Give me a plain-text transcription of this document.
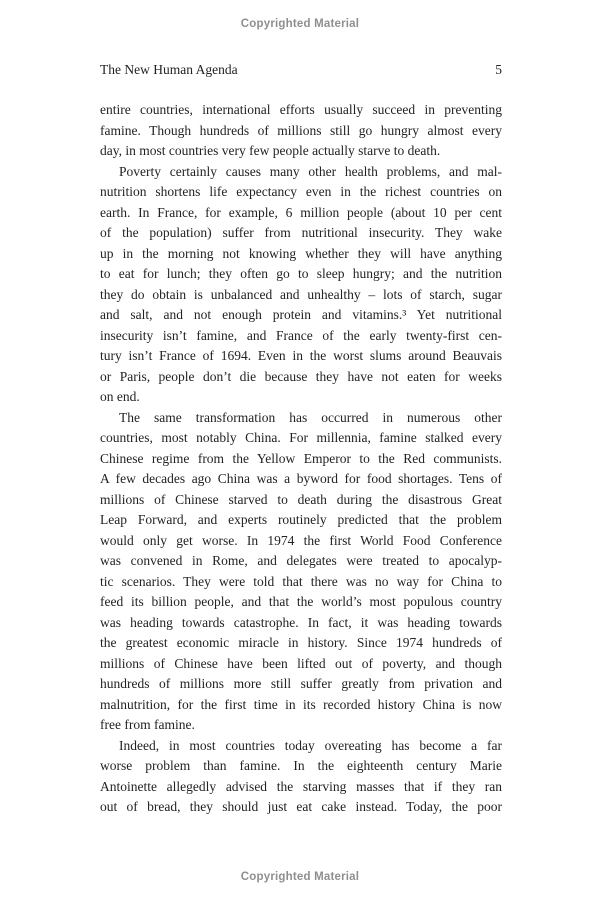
Copyrighted Material
The New Human Agenda	5
entire countries, international efforts usually succeed in preventing
famine. Though hundreds of millions still go hungry almost every
day, in most countries very few people actually starve to death.
Poverty certainly causes many other health problems, and mal-
nutrition shortens life expectancy even in the richest countries on
earth. In France, for example, 6 million people (about 10 per cent
of the population) suffer from nutritional insecurity. They wake
up in the morning not knowing whether they will have anything
to eat for lunch; they often go to sleep hungry; and the nutrition
they do obtain is unbalanced and unhealthy – lots of starch, sugar
and salt, and not enough protein and vitamins.³ Yet nutritional
insecurity isn’t famine, and France of the early twenty-first cen-
tury isn’t France of 1694. Even in the worst slums around Beauvais
or Paris, people don’t die because they have not eaten for weeks
on end.
The same transformation has occurred in numerous other
countries, most notably China. For millennia, famine stalked every
Chinese regime from the Yellow Emperor to the Red communists.
A few decades ago China was a byword for food shortages. Tens of
millions of Chinese starved to death during the disastrous Great
Leap Forward, and experts routinely predicted that the problem
would only get worse. In 1974 the first World Food Conference
was convened in Rome, and delegates were treated to apocalyp-
tic scenarios. They were told that there was no way for China to
feed its billion people, and that the world’s most populous country
was heading towards catastrophe. In fact, it was heading towards
the greatest economic miracle in history. Since 1974 hundreds of
millions of Chinese have been lifted out of poverty, and though
hundreds of millions more still suffer greatly from privation and
malnutrition, for the first time in its recorded history China is now
free from famine.
Indeed, in most countries today overeating has become a far
worse problem than famine. In the eighteenth century Marie
Antoinette allegedly advised the starving masses that if they ran
out of bread, they should just eat cake instead. Today, the poor
Copyrighted Material
